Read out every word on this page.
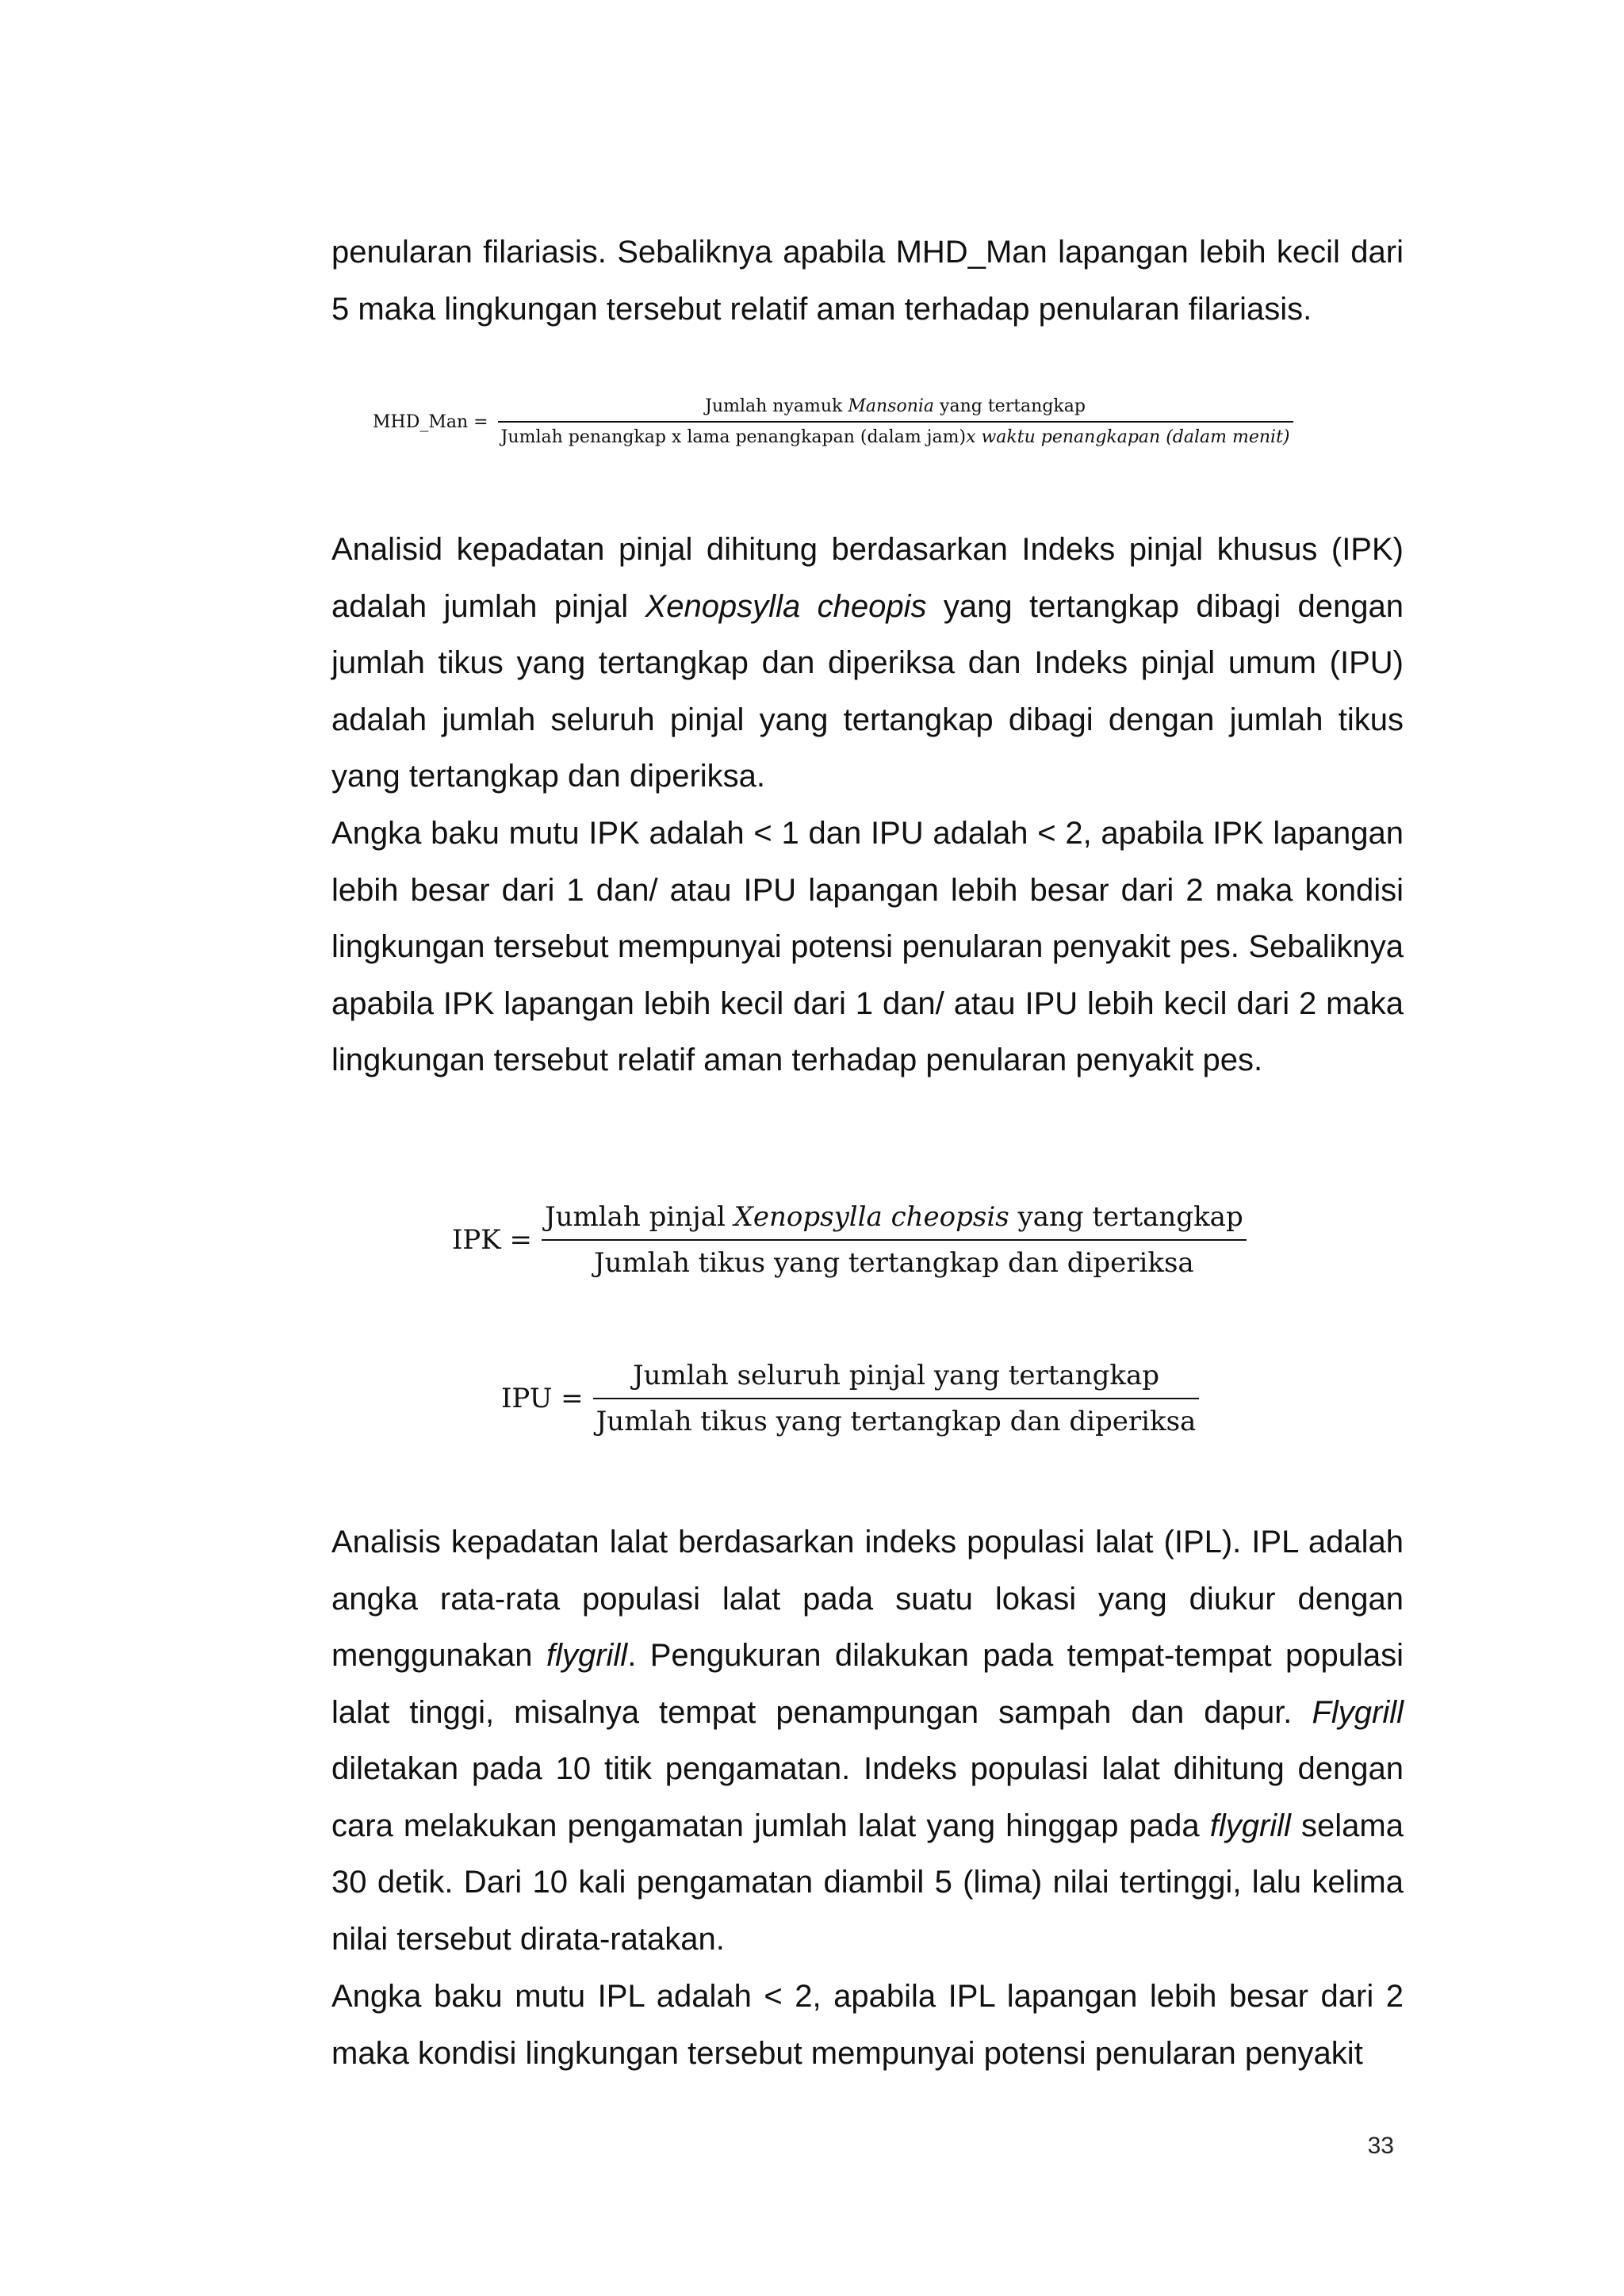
penularan filariasis. Sebaliknya apabila MHD_Man lapangan lebih kecil dari 5 maka lingkungan tersebut relatif aman terhadap penularan filariasis.

MHD_Man =
Jumlah nyamuk Mansonia yang tertangkap
Jumlah penangkap x lama penangkapan (dalam jam)x waktu penangkapan (dalam menit)

Analisid kepadatan pinjal dihitung berdasarkan Indeks pinjal khusus (IPK) adalah jumlah pinjal Xenopsylla cheopis yang tertangkap dibagi dengan jumlah tikus yang tertangkap dan diperiksa dan Indeks pinjal umum (IPU) adalah jumlah seluruh pinjal yang tertangkap dibagi dengan jumlah tikus yang tertangkap dan diperiksa.

Angka baku mutu IPK adalah < 1 dan IPU adalah < 2, apabila IPK lapangan lebih besar dari 1 dan/ atau IPU lapangan lebih besar dari 2 maka kondisi lingkungan tersebut mempunyai potensi penularan penyakit pes. Sebaliknya apabila IPK lapangan lebih kecil dari 1 dan/ atau IPU lebih kecil dari 2 maka lingkungan tersebut relatif aman terhadap penularan penyakit pes.

IPK = $\frac{\text{Jumlah pinjal Xenopsylla cheopsis yang tertangkap}}{\text{Jumlah tikus yang tertangkap dan diperiksa}}$
IPU = $\frac{\text{Jumlah seluruh pinjal yang tertangkap}}{\text{Jumlah tikus yang tertangkap dan diperiksa}}$

Analisis kepadatan lalat berdasarkan indeks populasi lalat (IPL). IPL adalah angka rata-rata populasi lalat pada suatu lokasi yang diukur dengan menggunakan flygrill. Pengukuran dilakukan pada tempat-tempat populasi lalat tinggi, misalnya tempat penampungan sampah dan dapur. Flygrill diletakan pada 10 titik pengamatan. Indeks populasi lalat dihitung dengan cara melakukan pengamatan jumlah lalat yang hinggap pada flygrill selama 30 detik. Dari 10 kali pengamatan diambil 5 (lima) nilai tertinggi, lalu kelima nilai tersebut dirata-ratakan.

Angka baku mutu IPL adalah < 2, apabila IPL lapangan lebih besar dari 2 maka kondisi lingkungan tersebut mempunyai potensi penularan penyakit

33
